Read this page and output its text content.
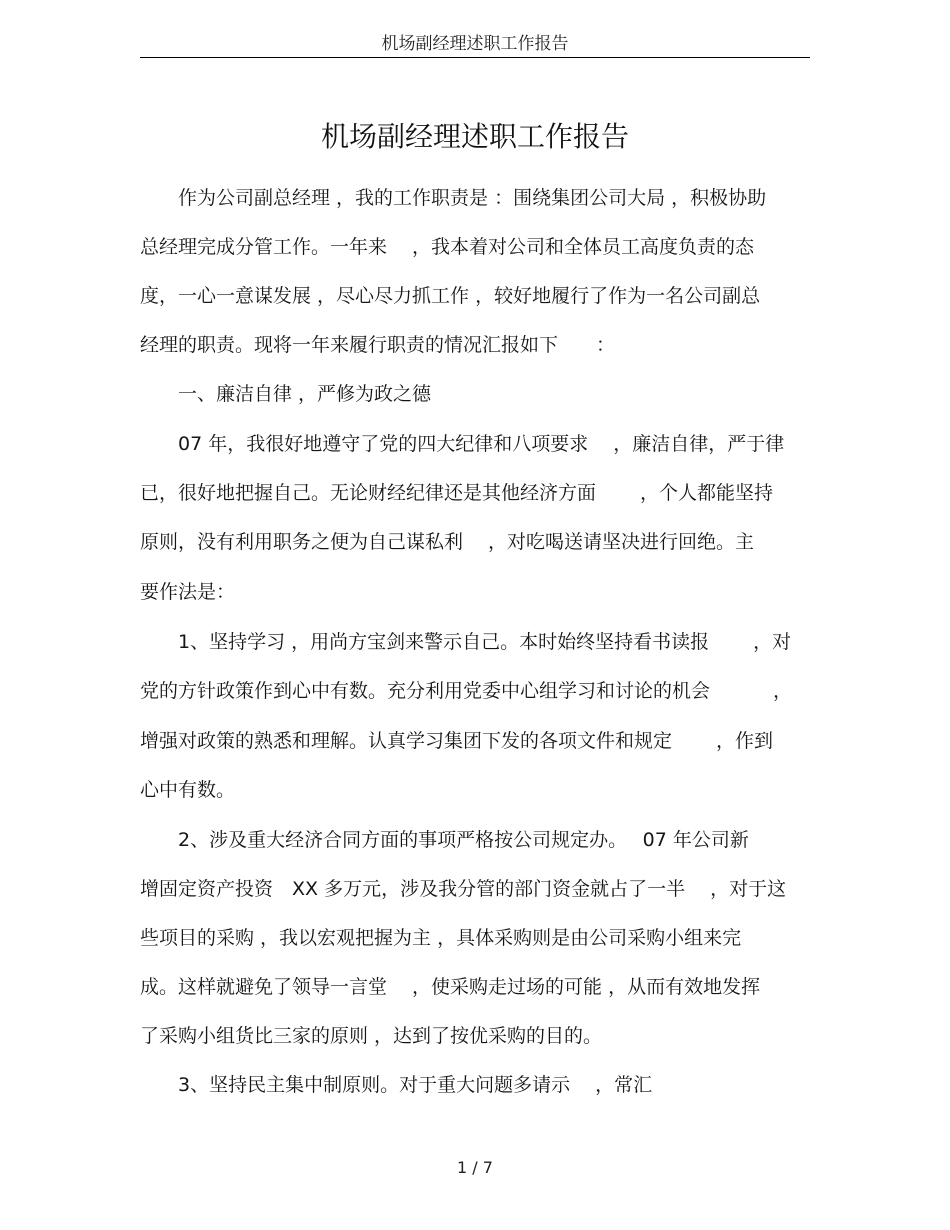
机场副经理述职工作报告
机场副经理述职工作报告
　　作为公司副总经理 ，我的工作职责是 ：围绕集团公司大局 ，积极协助
总经理完成分管工作。一年来　 ，我本着对公司和全体员工高度负责的态
度，一心一意谋发展 ，尽心尽力抓工作 ，较好地履行了作为一名公司副总
经理的职责。现将一年来履行职责的情况汇报如下　　：
　　一、廉洁自律 ，严修为政之德
　　07 年，我很好地遵守了党的四大纪律和八项要求　 ，廉洁自律，严于律
已，很好地把握自己。无论财经纪律还是其他经济方面　　 ，个人都能坚持
原则，没有利用职务之便为自己谋私利　 ，对吃喝送请坚决进行回绝。主
要作法是：
　　1、坚持学习 ，用尚方宝剑来警示自己。本时始终坚持看书读报　　 ，对
党的方针政策作到心中有数。充分利用党委中心组学习和讨论的机会　　　 ，
增强对政策的熟悉和理解。认真学习集团下发的各项文件和规定　　 ，作到
心中有数。
　　2、涉及重大经济合同方面的事项严格按公司规定办。　 07 年公司新
增固定资产投资　XX 多万元，涉及我分管的部门资金就占了一半　 ，对于这
些项目的采购 ，我以宏观把握为主 ，具体采购则是由公司采购小组来完
成。这样就避免了领导一言堂　 ，使采购走过场的可能 ，从而有效地发挥
了采购小组货比三家的原则 ，达到了按优采购的目的。
　　3、坚持民主集中制原则。对于重大问题多请示　 ，常汇
1 / 7
